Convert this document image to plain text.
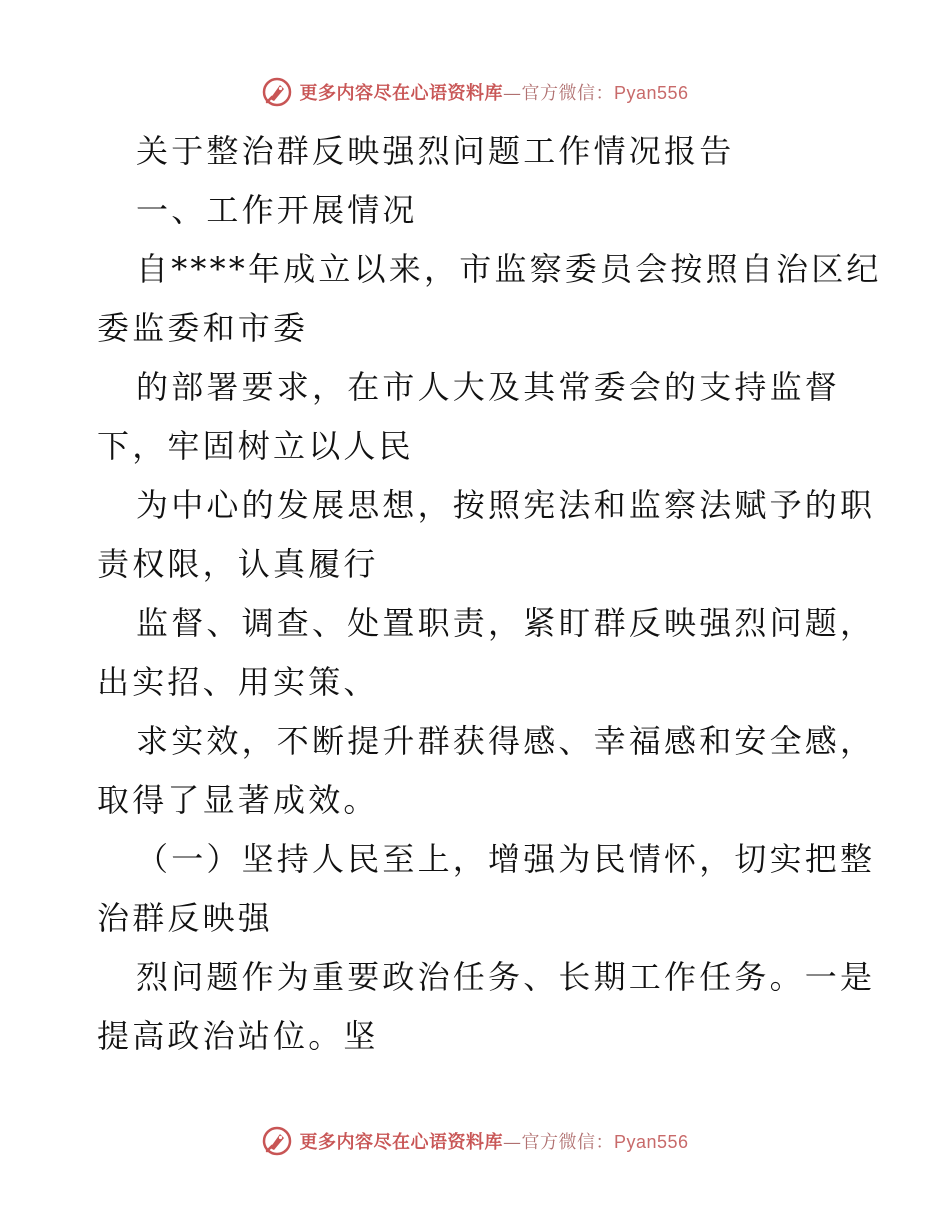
更多内容尽在心语资料库—官方微信：Pyan556
关于整治群反映强烈问题工作情况报告
一、工作开展情况
自****年成立以来，市监察委员会按照自治区纪
委监委和市委
的部署要求，在市人大及其常委会的支持监督
下，牢固树立以人民
为中心的发展思想，按照宪法和监察法赋予的职
责权限，认真履行
监督、调查、处置职责，紧盯群反映强烈问题，
出实招、用实策、
求实效，不断提升群获得感、幸福感和安全感，
取得了显著成效。
（一）坚持人民至上，增强为民情怀，切实把整
治群反映强
烈问题作为重要政治任务、长期工作任务。一是
提高政治站位。坚
更多内容尽在心语资料库—官方微信：Pyan556
